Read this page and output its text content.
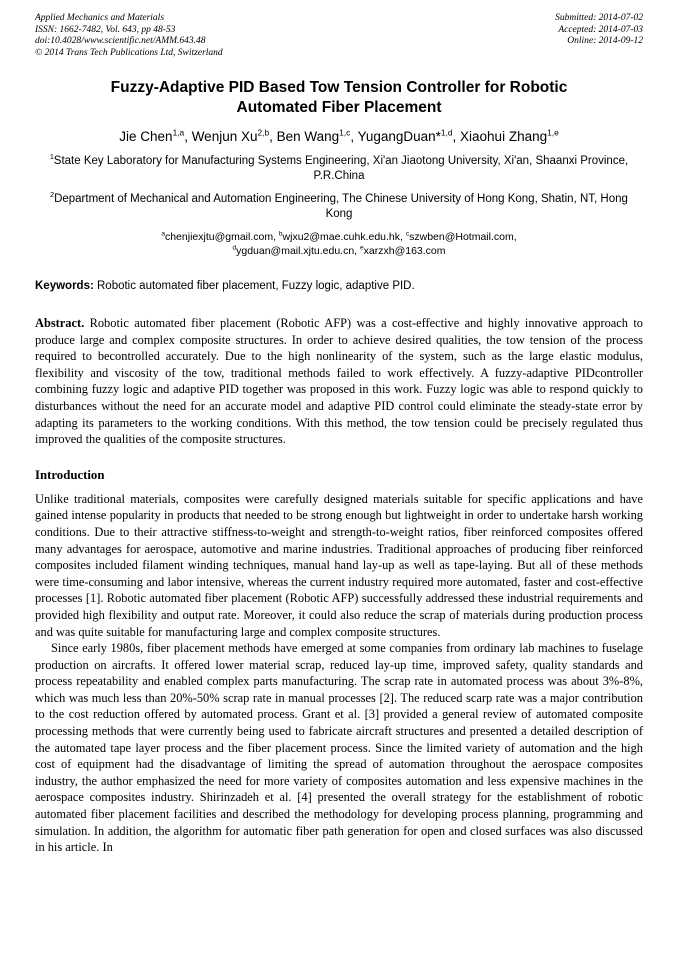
Applied Mechanics and Materials
ISSN: 1662-7482, Vol. 643, pp 48-53
doi:10.4028/www.scientific.net/AMM.643.48
© 2014 Trans Tech Publications Ltd, Switzerland
Submitted: 2014-07-02
Accepted: 2014-07-03
Online: 2014-09-12
Fuzzy-Adaptive PID Based Tow Tension Controller for Robotic Automated Fiber Placement

Jie Chen$^{1,a}$, Wenjun Xu$^{2,b}$, Ben Wang$^{1,c}$, YugangDuan*$^{1,d}$, Xiaohui Zhang$^{1,e}$

$^1$State Key Laboratory for Manufacturing Systems Engineering, Xi'an Jiaotong University, Xi'an, Shaanxi Province, P.R.China

$^2$Department of Mechanical and Automation Engineering, The Chinese University of Hong Kong, Shatin, NT, Hong Kong

$^a$chenjiexjtu@gmail.com, $^b$wjxu2@mae.cuhk.edu.hk, $^c$szwben@Hotmail.com,
$^d$ygduan@mail.xjtu.edu.cn, $^e$xarzxh@163.com

Keywords: Robotic automated fiber placement, Fuzzy logic, adaptive PID.

Abstract. Robotic automated fiber placement (Robotic AFP) was a cost-effective and highly innovative approach to produce large and complex composite structures. In order to achieve desired qualities, the tow tension of the process required to becontrolled accurately. Due to the high nonlinearity of the system, such as the large elastic modulus, flexibility and viscosity of the tow, traditional methods failed to work effectively. A fuzzy-adaptive PIDcontroller combining fuzzy logic and adaptive PID together was proposed in this work. Fuzzy logic was able to respond quickly to disturbances without the need for an accurate model and adaptive PID control could eliminate the steady-state error by adapting its parameters to the working conditions. With this method, the tow tension could be precisely regulated thus improved the qualities of the composite structures.

Introduction

Unlike traditional materials, composites were carefully designed materials suitable for specific applications and have gained intense popularity in products that needed to be strong enough but lightweight in order to undertake harsh working conditions. Due to their attractive stiffness-to-weight and strength-to-weight ratios, fiber reinforced composites offered many advantages for aerospace, automotive and marine industries. Traditional approaches of producing fiber reinforced composites included filament winding techniques, manual hand lay-up as well as tape-laying. But all of these methods were time-consuming and labor intensive, whereas the current industry required more automated, faster and cost-effective processes [1]. Robotic automated fiber placement (Robotic AFP) successfully addressed these industrial requirements and provided high flexibility and output rate. Moreover, it could also reduce the scrap of materials during production process and was quite suitable for manufacturing large and complex composite structures.

Since early 1980s, fiber placement methods have emerged at some companies from ordinary lab machines to fuselage production on aircrafts. It offered lower material scrap, reduced lay-up time, improved safety, quality standards and process repeatability and enabled complex parts manufacturing. The scrap rate in automated process was about 3%-8%, which was much less than 20%-50% scrap rate in manual processes [2]. The reduced scarp rate was a major contribution to the cost reduction offered by automated process. Grant et al. [3] provided a general review of automated composite processing methods that were currently being used to fabricate aircraft structures and presented a detailed description of the automated tape layer process and the fiber placement process. Since the limited variety of automation and the high cost of equipment had the disadvantage of limiting the spread of automation throughout the aerospace composites industry, the author emphasized the need for more variety of composites automation and less expensive machines in the aerospace composites industry. Shirinzadeh et al. [4] presented the overall strategy for the establishment of robotic automated fiber placement facilities and described the methodology for developing process planning, programming and simulation. In addition, the algorithm for automatic fiber path generation for open and closed surfaces was also discussed in his article. In
